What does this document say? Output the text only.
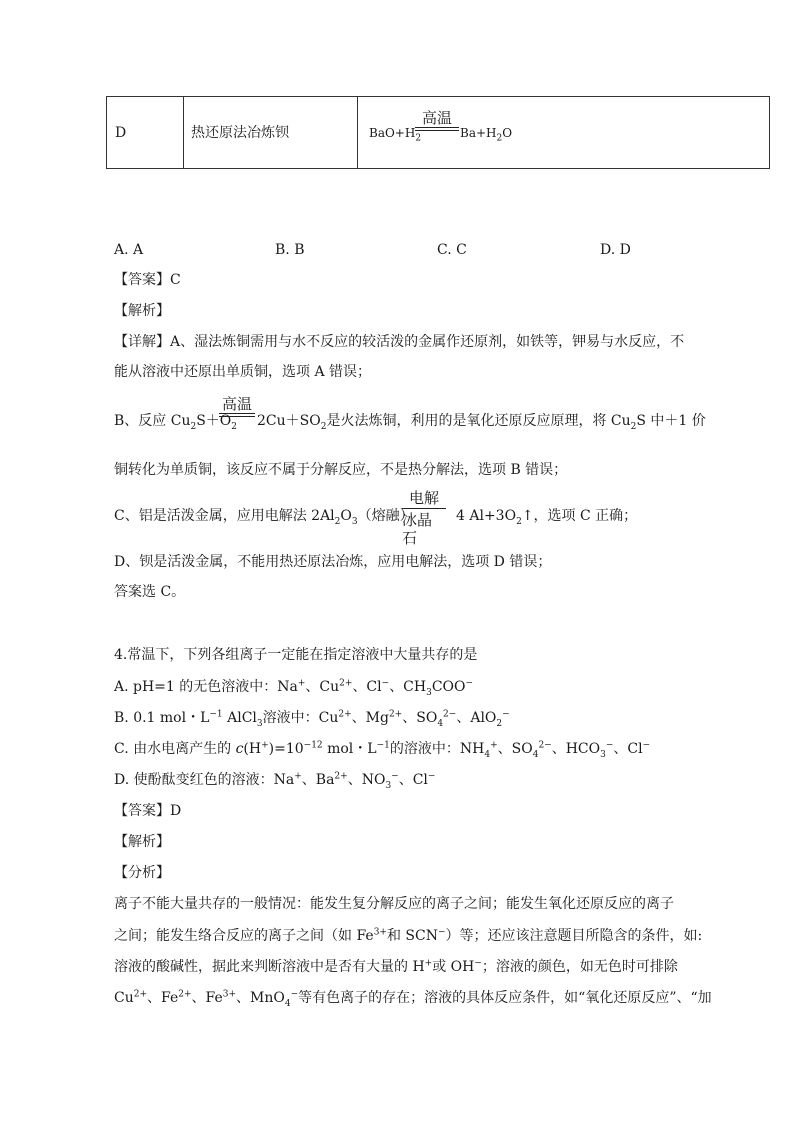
D	热还原法冶炼钡	$BaO+H_2$
高温
$Ba+H_2O$
A. A	B. B	C. C	D. D
【答案】C
【解析】
【详解】A、湿法炼铜需用与水不反应的较活泼的金属作还原剂，如铁等，钾易与水反应，不
能从溶液中还原出单质铜，选项 A 错误；
B、反应 $Cu_2S+O_2$
高温
$2Cu+SO_2$是火法炼铜，利用的是氧化还原反应原理，将 $Cu_2S$ 中＋1 价
铜转化为单质铜，该反应不属于分解反应，不是热分解法，选项 B 错误；
C、铝是活泼金属，应用电解法 $2Al_2O_3$（熔融）
电解
冰晶石
4 $Al+3O_2↑$，选项 C 正确；
D、钡是活泼金属，不能用热还原法冶炼，应用电解法，选项 D 错误；
答案选 C。
4.常温下，下列各组离子一定能在指定溶液中大量共存的是
A. pH=1 的无色溶液中：Na+、$Cu^{2+}$、Cl−、$CH_3COO^-$
B. 0.1 mol・$L^{-1}$ AlCl$_3$溶液中：$Cu^{2+}$、$Mg^{2+}$、$SO_4^{2-}$、AlO$_2$−
C. 由水电离产生的 $c(H^+)=10^{-12}$ mol・$L^{-1}$的溶液中：$NH_4^+$、$SO_4^{2-}$、$HCO_3^-$、Cl−
D. 使酚酞变红色的溶液：Na+、$Ba^{2+}$、$NO_3^-$、Cl−
【答案】D
【解析】
【分析】
离子不能大量共存的一般情况：能发生复分解反应的离子之间；能发生氧化还原反应的离子
之间；能发生络合反应的离子之间（如 $Fe^{3+}$和 SCN−）等；还应该注意题目所隐含的条件，如:
溶液的酸碱性，据此来判断溶液中是否有大量的 H+或 OH−；溶液的颜色，如无色时可排除
$Cu^{2+}$、$Fe^{2+}$、$Fe^{3+}$、MnO$_4$−等有色离子的存在；溶液的具体反应条件，如“氧化还原反应”、“加
